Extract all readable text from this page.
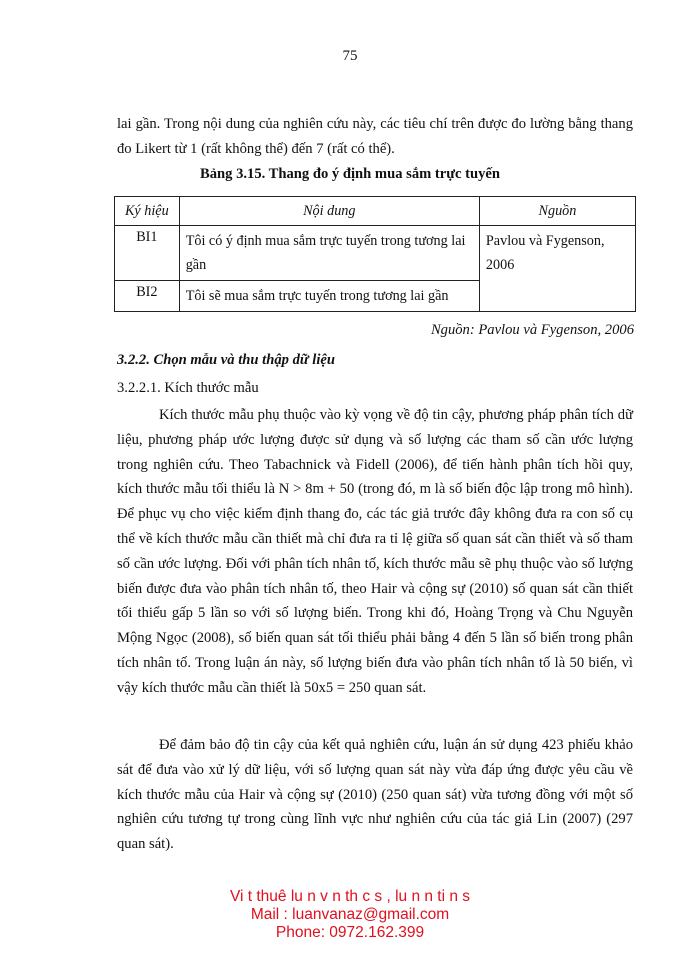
75

lai gần. Trong nội dung của nghiên cứu này, các tiêu chí trên được đo lường bằng thang đo Likert từ 1 (rất không thể) đến 7 (rất có thể).

Bảng 3.15. Thang đo ý định mua sắm trực tuyến
Ký hiệu	Nội dung	Nguồn
BI1	Tôi có ý định mua sắm trực tuyến trong tương lai gần	Pavlou và Fygenson, 2006
BI2	Tôi sẽ mua sắm trực tuyến trong tương lai gần	
Nguồn: Pavlou và Fygenson, 2006
3.2.2. Chọn mẫu và thu thập dữ liệu
3.2.2.1. Kích thước mẫu

Kích thước mẫu phụ thuộc vào kỳ vọng về độ tin cậy, phương pháp phân tích dữ liệu, phương pháp ước lượng được sử dụng và số lượng các tham số cần ước lượng trong nghiên cứu. Theo Tabachnick và Fidell (2006), để tiến hành phân tích hồi quy, kích thước mẫu tối thiểu là N > 8m + 50 (trong đó, m là số biến độc lập trong mô hình). Để phục vụ cho việc kiểm định thang đo, các tác giả trước đây không đưa ra con số cụ thể về kích thước mẫu cần thiết mà chỉ đưa ra tỉ lệ giữa số quan sát cần thiết và số tham số cần ước lượng. Đối với phân tích nhân tố, kích thước mẫu sẽ phụ thuộc vào số lượng biến được đưa vào phân tích nhân tố, theo Hair và cộng sự (2010) số quan sát cần thiết tối thiểu gấp 5 lần so với số lượng biến. Trong khi đó, Hoàng Trọng và Chu Nguyễn Mộng Ngọc (2008), số biến quan sát tối thiểu phải bằng 4 đến 5 lần số biến trong phân tích nhân tố. Trong luận án này, số lượng biến đưa vào phân tích nhân tố là 50 biến, vì vậy kích thước mẫu cần thiết là 50x5 = 250 quan sát.

Để đảm bảo độ tin cậy của kết quả nghiên cứu, luận án sử dụng 423 phiếu khảo sát để đưa vào xử lý dữ liệu, với số lượng quan sát này vừa đáp ứng được yêu cầu về kích thước mẫu của Hair và cộng sự (2010) (250 quan sát) vừa tương đồng với một số nghiên cứu tương tự trong cùng lĩnh vực như nghiên cứu của tác giả Lin (2007) (297 quan sát).

Vi t thuê lu n v n th c s , lu n n ti n s
Mail : luanvanaz@gmail.com
Phone: 0972.162.399
